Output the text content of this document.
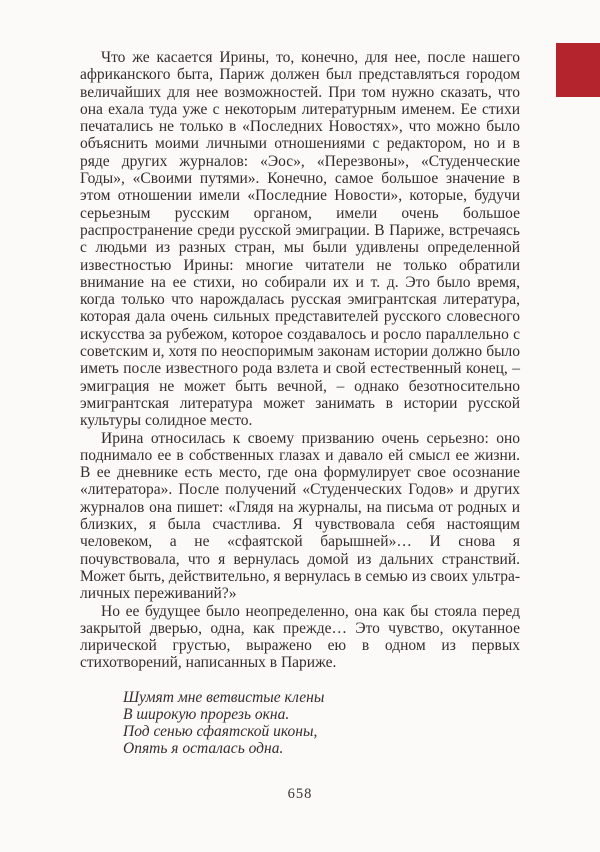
Что же касается Ирины, то, конечно, для нее, после нашего африканского быта, Париж должен был представляться городом величайших для нее возможностей. При том нужно сказать, что она ехала туда уже с некоторым литературным именем. Ее стихи печатались не только в «Последних Новостях», что можно было объяснить моими личными отношениями с редактором, но и в ряде других журналов: «Эос», «Перезвоны», «Студенческие Годы», «Своими путями». Конечно, самое большое значение в этом отношении имели «Последние Новости», которые, будучи серьезным русским органом, имели очень большое распространение среди русской эмиграции. В Париже, встречаясь с людьми из разных стран, мы были удивлены определенной известностью Ирины: многие читатели не только обратили внимание на ее стихи, но собирали их и т. д. Это было время, когда только что нарождалась русская эмигрантская литература, которая дала очень сильных представителей русского словесного искусства за рубежом, которое создавалось и росло параллельно с советским и, хотя по неоспоримым законам истории должно было иметь после известного рода взлета и свой естественный конец, – эмиграция не может быть вечной, – однако безотносительно эмигрантская литература может занимать в истории русской культуры солидное место.

Ирина относилась к своему призванию очень серьезно: оно поднимало ее в собственных глазах и давало ей смысл ее жизни. В ее дневнике есть место, где она формулирует свое осознание «литератора». После получений «Студенческих Годов» и других журналов она пишет: «Глядя на журналы, на письма от родных и близких, я была счастлива. Я чувствовала себя настоящим человеком, а не «сфаятской барышней»… И снова я почувствовала, что я вернулась домой из дальних странствий. Может быть, действительно, я вернулась в семью из своих ультра-личных переживаний?»

Но ее будущее было неопределенно, она как бы стояла перед закрытой дверью, одна, как прежде… Это чувство, окутанное лирической грустью, выражено ею в одном из первых стихотворений, написанных в Париже.

Шумят мне ветвистые клены
В широкую прорезь окна.
Под сенью сфаятской иконы,
Опять я осталась одна.
658
